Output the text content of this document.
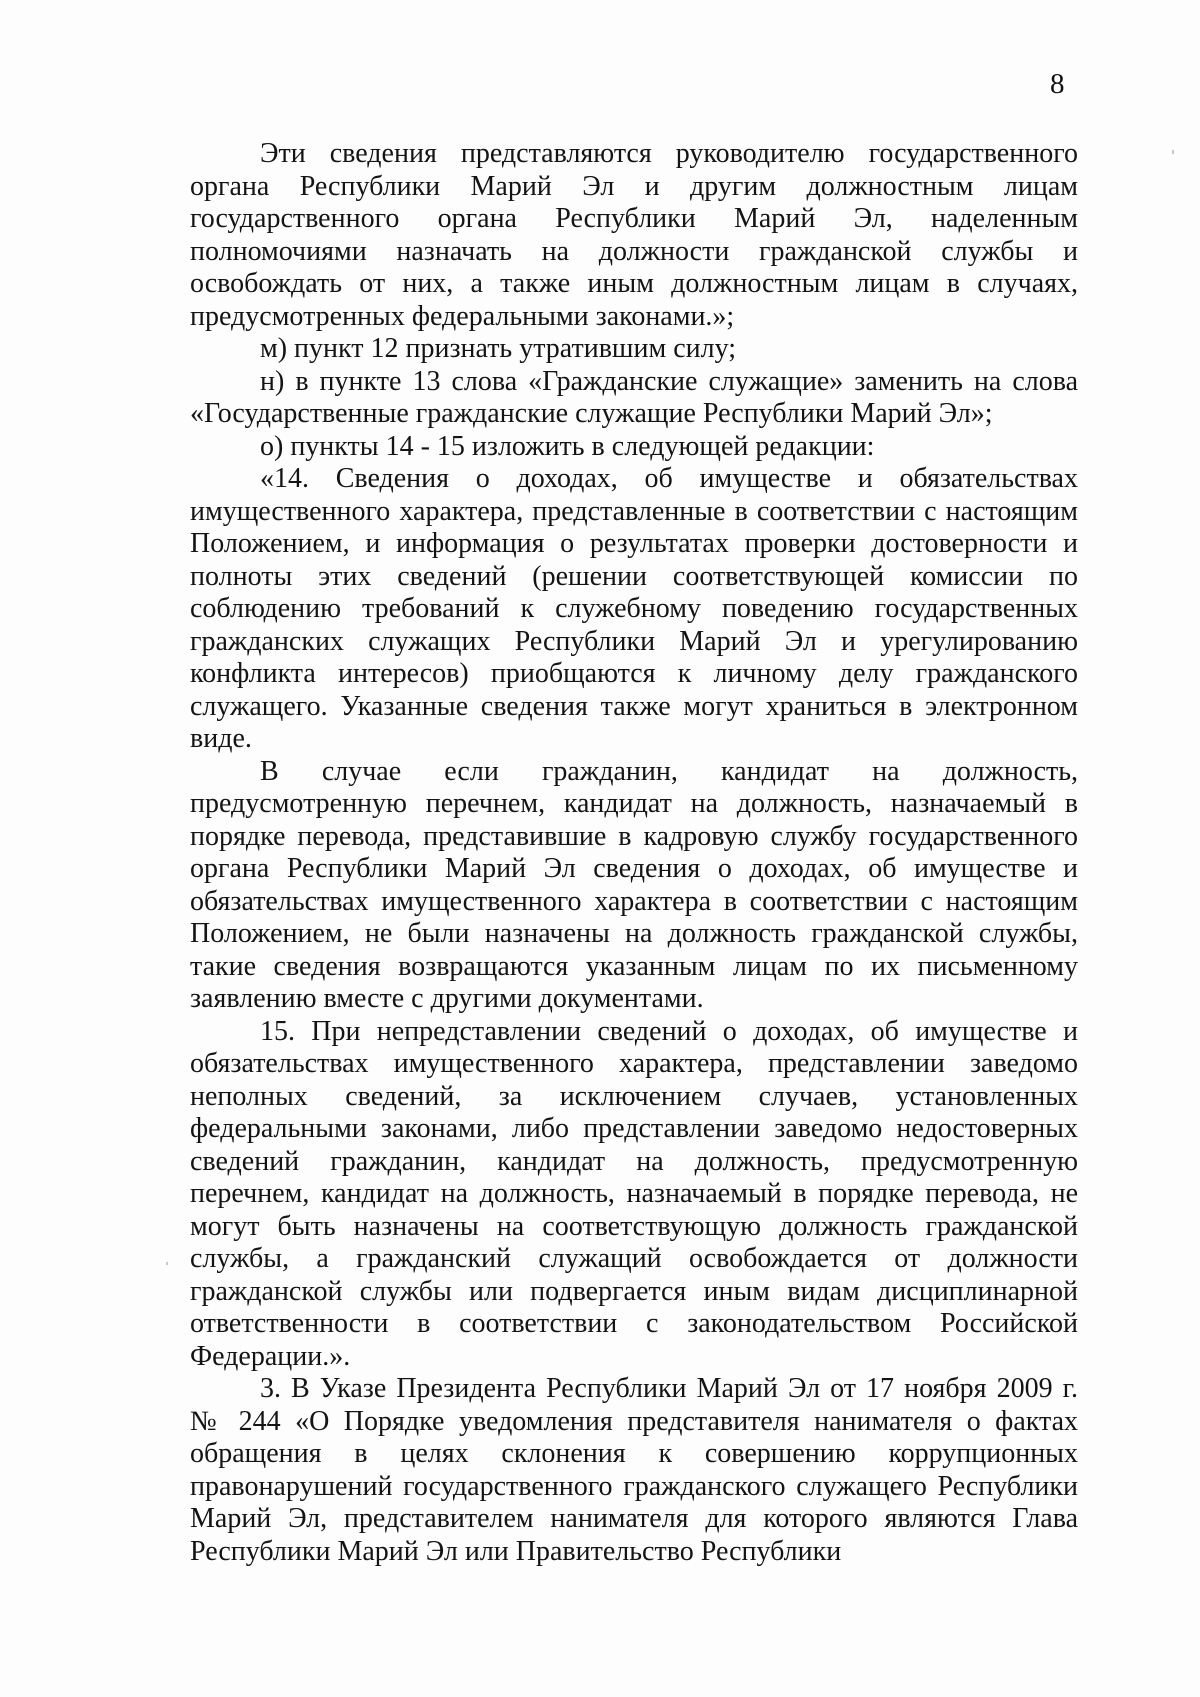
8

Эти сведения представляются руководителю государственного органа Республики Марий Эл и другим должностным лицам государственного органа Республики Марий Эл, наделенным полномочиями назначать на должности гражданской службы и освобождать от них, а также иным должностным лицам в случаях, предусмотренных федеральными законами.»;

м) пункт 12 признать утратившим силу;

н) в пункте 13 слова «Гражданские служащие» заменить на слова «Государственные гражданские служащие Республики Марий Эл»;

о) пункты 14 - 15 изложить в следующей редакции:

«14. Сведения о доходах, об имуществе и обязательствах имущественного характера, представленные в соответствии с настоящим Положением, и информация о результатах проверки достоверности и полноты этих сведений (решении соответствующей комиссии по соблюдению требований к служебному поведению государственных гражданских служащих Республики Марий Эл и урегулированию конфликта интересов) приобщаются к личному делу гражданского служащего. Указанные сведения также могут храниться в электронном виде.

В случае если гражданин, кандидат на должность, предусмотренную перечнем, кандидат на должность, назначаемый в порядке перевода, представившие в кадровую службу государственного органа Республики Марий Эл сведения о доходах, об имуществе и обязательствах имущественного характера в соответствии с настоящим Положением, не были назначены на должность гражданской службы, такие сведения возвращаются указанным лицам по их письменному заявлению вместе с другими документами.

15. При непредставлении сведений о доходах, об имуществе и обязательствах имущественного характера, представлении заведомо неполных сведений, за исключением случаев, установленных федеральными законами, либо представлении заведомо недостоверных сведений гражданин, кандидат на должность, предусмотренную перечнем, кандидат на должность, назначаемый в порядке перевода, не могут быть назначены на соответствующую должность гражданской службы, а гражданский служащий освобождается от должности гражданской службы или подвергается иным видам дисциплинарной ответственности в соответствии с законодательством Российской Федерации.».

3. В Указе Президента Республики Марий Эл от 17 ноября 2009 г. № 244 «О Порядке уведомления представителя нанимателя о фактах обращения в целях склонения к совершению коррупционных правонарушений государственного гражданского служащего Республики Марий Эл, представителем нанимателя для которого являются Глава Республики Марий Эл или Правительство Республики
